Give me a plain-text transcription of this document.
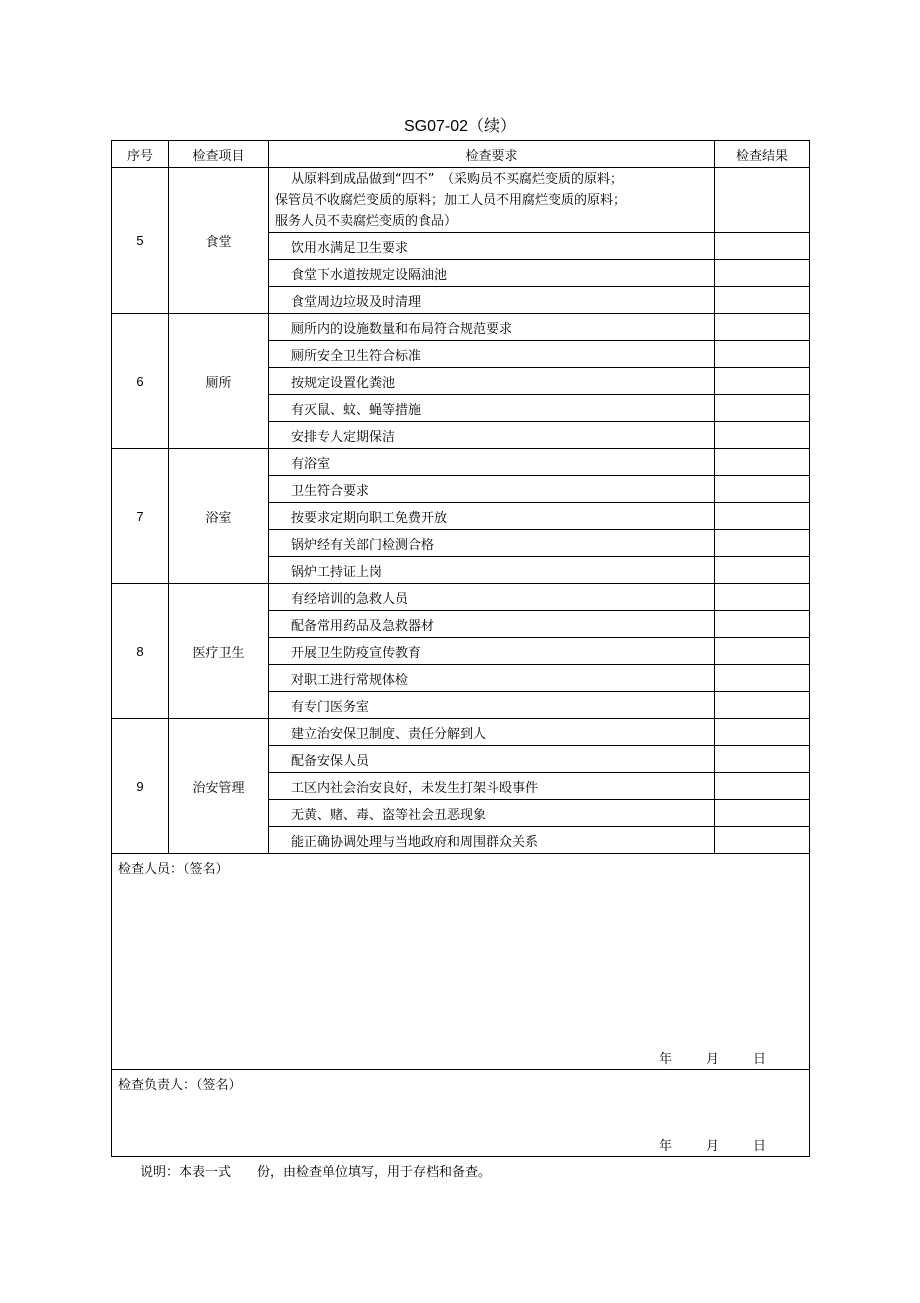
SG07-02（续）
序号	检查项目	检查要求	检查结果
5	食堂	从原料到成品做到“四不”　（采购员不买腐烂变质的原料；
保管员不收腐烂变质的原料；加工人员不用腐烂变质的原料；
服务人员不卖腐烂变质的食品）	

		饮用水满足卫生要求	
		食堂下水道按规定设隔油池	
		食堂周边垃圾及时清理	
6	厕所	厕所内的设施数量和布局符合规范要求	
		厕所安全卫生符合标准	
		按规定设置化粪池	
		有灭鼠、蚊、蝇等措施	
		安排专人定期保洁	
7	浴室	有浴室	
		卫生符合要求	
		按要求定期向职工免费开放	
		锅炉经有关部门检测合格	
		锅炉工持证上岗	
8	医疗卫生	有经培训的急救人员	
		配备常用药品及急救器材	
		开展卫生防疫宣传教育	
		对职工进行常规体检	
		有专门医务室	
9	治安管理	建立治安保卫制度、责任分解到人	
		配备安保人员	
		工区内社会治安良好，未发生打架斗殴事件	
		无黄、赌、毒、盗等社会丑恶现象	
		能正确协调处理与当地政府和周围群众关系	

检查人员：（签名）
年 月 日			

检查负责人：（签名）
年 月 日			
说明：本表一式　　份，由检查单位填写，用于存档和备查。
